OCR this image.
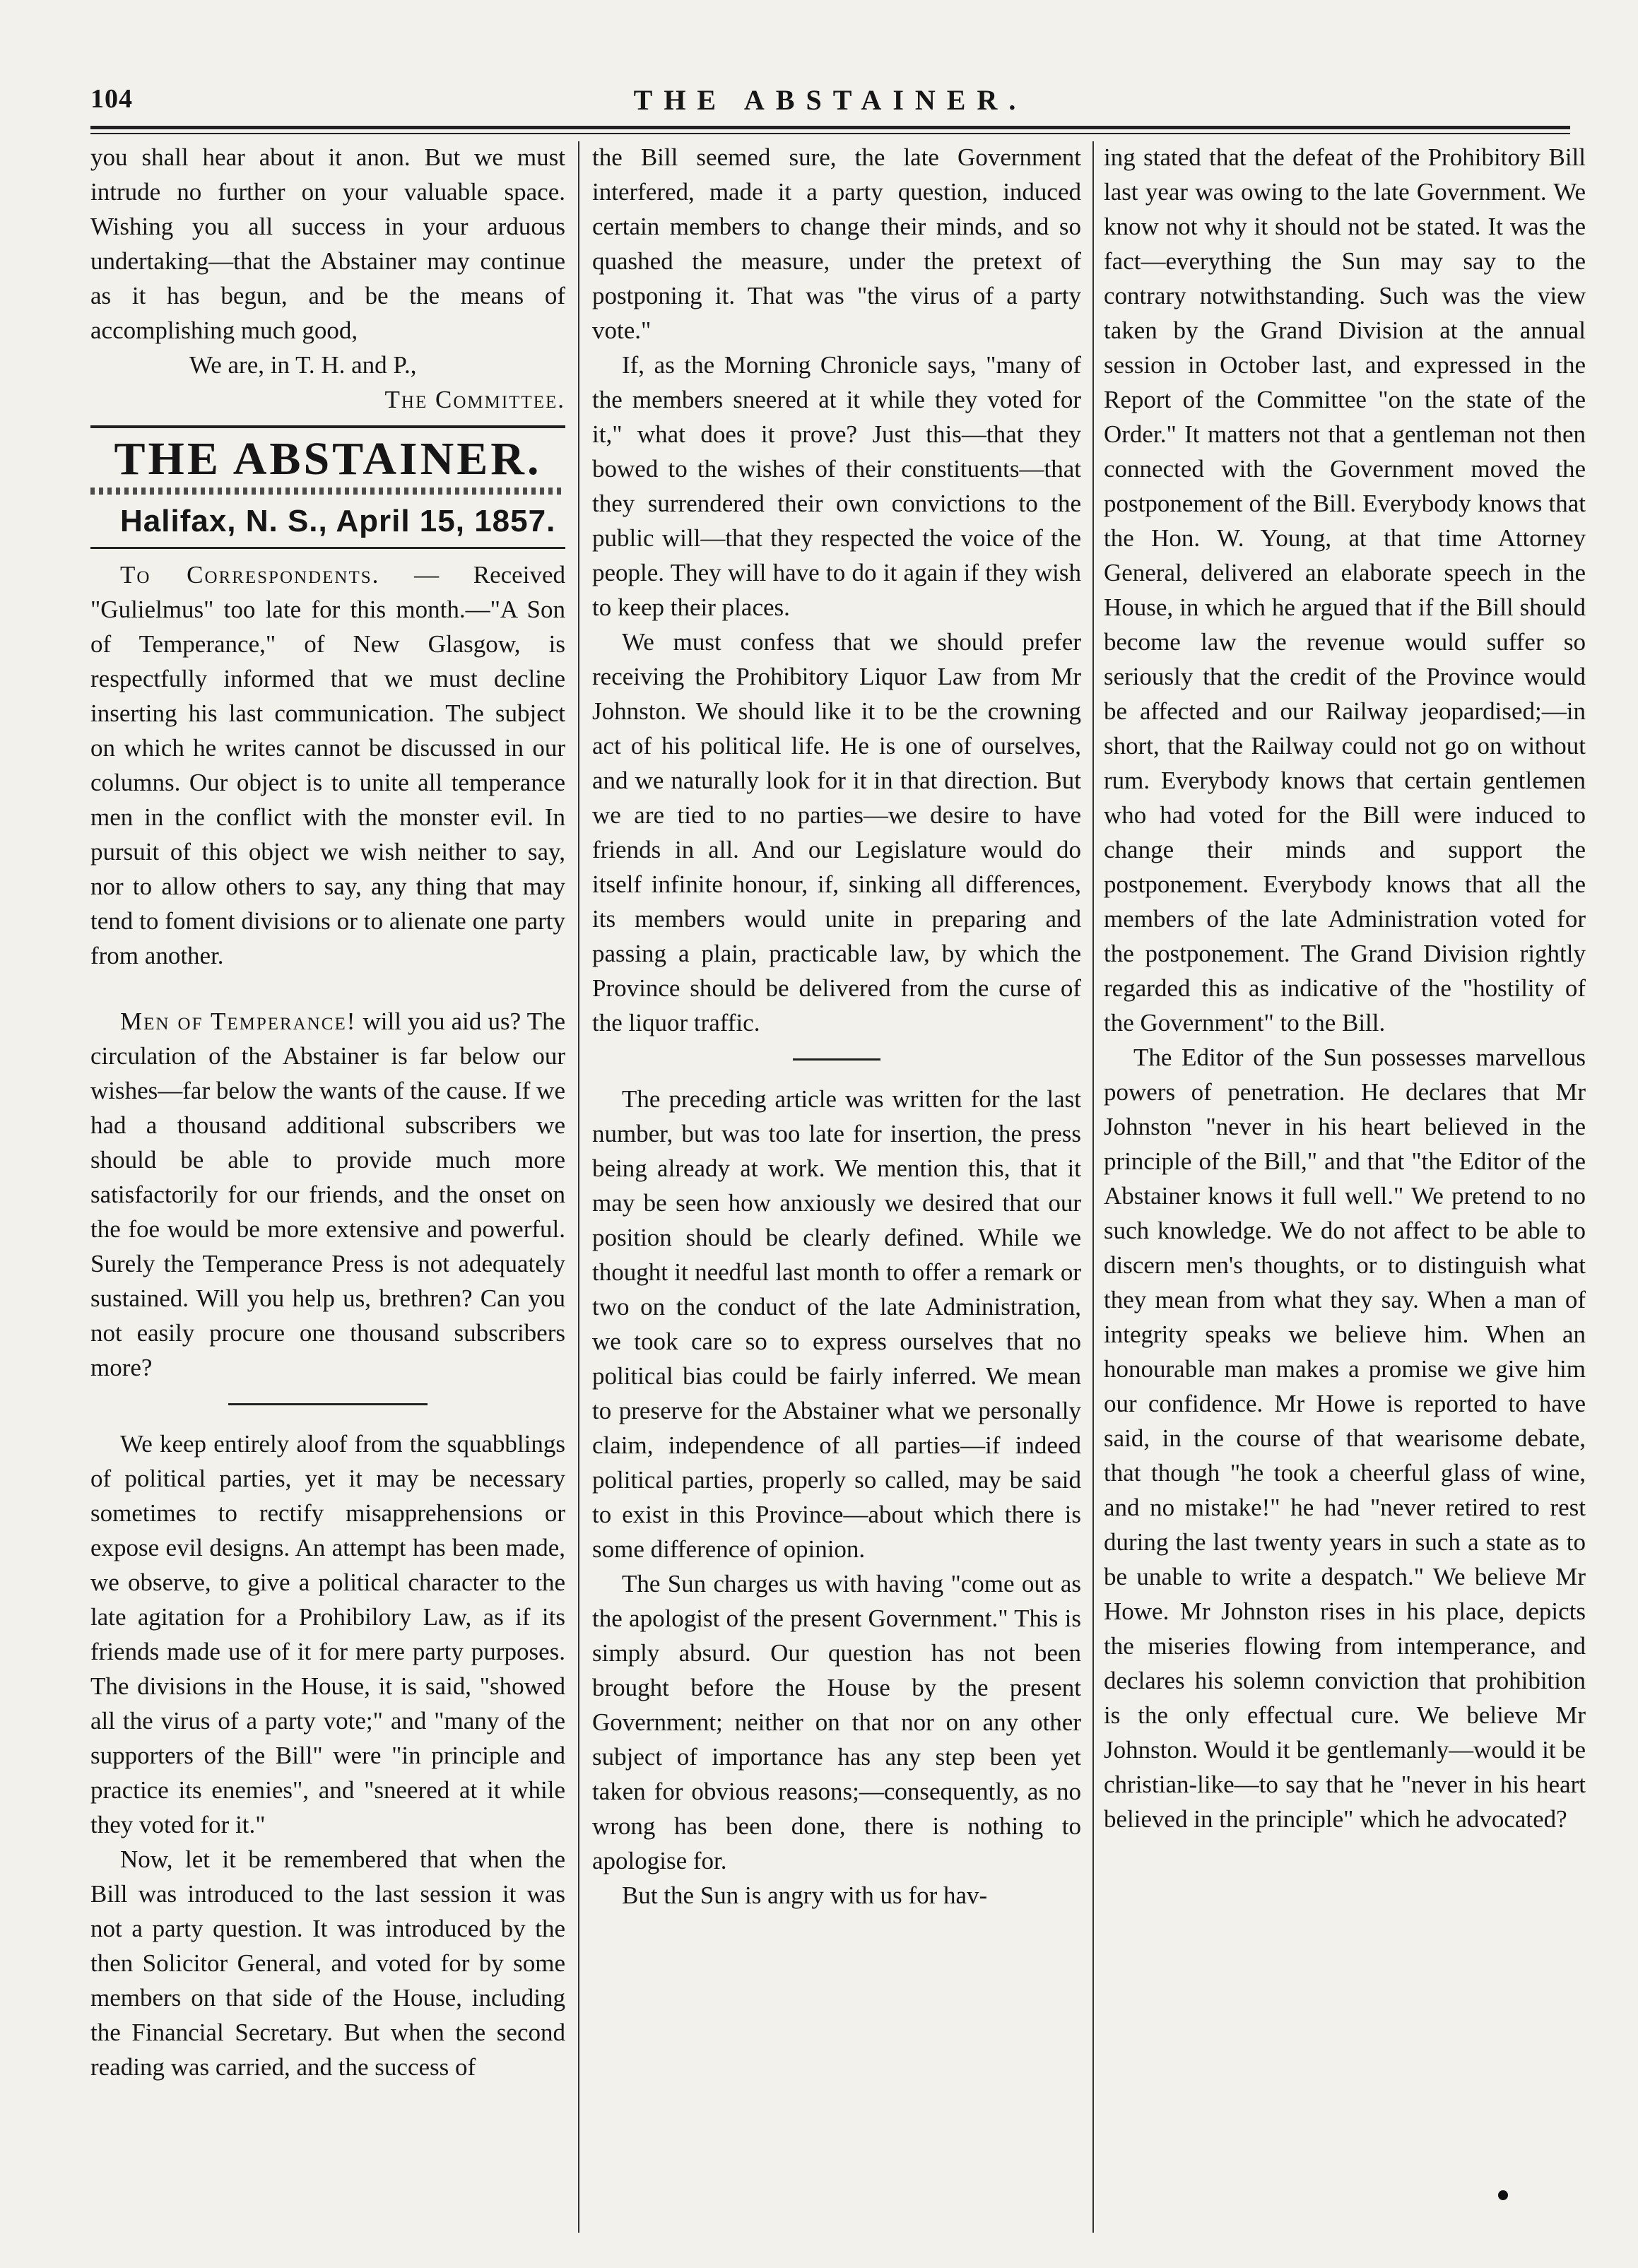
104	THE ABSTAINER.

you shall hear about it anon. But we must intrude no further on your valuable space. Wishing you all success in your arduous undertaking—that the Abstainer may continue as it has begun, and be the means of accomplishing much good,

We are, in T. H. and P.,

The Committee.

THE ABSTAINER.

Halifax, N. S., April 15, 1857.

To Correspondents. — Received "Gulielmus" too late for this month.—"A Son of Temperance," of New Glasgow, is respectfully informed that we must decline inserting his last communication. The subject on which he writes cannot be discussed in our columns. Our object is to unite all temperance men in the conflict with the monster evil. In pursuit of this object we wish neither to say, nor to allow others to say, any thing that may tend to foment divisions or to alienate one party from another.

Men of Temperance! will you aid us? The circulation of the Abstainer is far below our wishes—far below the wants of the cause. If we had a thousand additional subscribers we should be able to provide much more satisfactorily for our friends, and the onset on the foe would be more extensive and powerful. Surely the Temperance Press is not adequately sustained. Will you help us, brethren? Can you not easily procure one thousand subscribers more?

We keep entirely aloof from the squabblings of political parties, yet it may be necessary sometimes to rectify misapprehensions or expose evil designs. An attempt has been made, we observe, to give a political character to the late agitation for a Prohibilory Law, as if its friends made use of it for mere party purposes. The divisions in the House, it is said, "showed all the virus of a party vote;" and "many of the supporters of the Bill" were "in principle and practice its enemies", and "sneered at it while they voted for it."

Now, let it be remembered that when the Bill was introduced to the last session it was not a party question. It was introduced by the then Solicitor General, and voted for by some members on that side of the House, including the Financial Secretary. But when the second reading was carried, and the success of

the Bill seemed sure, the late Government interfered, made it a party question, induced certain members to change their minds, and so quashed the measure, under the pretext of postponing it. That was "the virus of a party vote."

If, as the Morning Chronicle says, "many of the members sneered at it while they voted for it," what does it prove? Just this—that they bowed to the wishes of their constituents—that they surrendered their own convictions to the public will—that they respected the voice of the people. They will have to do it again if they wish to keep their places.

We must confess that we should prefer receiving the Prohibitory Liquor Law from Mr Johnston. We should like it to be the crowning act of his political life. He is one of ourselves, and we naturally look for it in that direction. But we are tied to no parties—we desire to have friends in all. And our Legislature would do itself infinite honour, if, sinking all differences, its members would unite in preparing and passing a plain, practicable law, by which the Province should be delivered from the curse of the liquor traffic.

The preceding article was written for the last number, but was too late for insertion, the press being already at work. We mention this, that it may be seen how anxiously we desired that our position should be clearly defined. While we thought it needful last month to offer a remark or two on the conduct of the late Administration, we took care so to express ourselves that no political bias could be fairly inferred. We mean to preserve for the Abstainer what we personally claim, independence of all parties—if indeed political parties, properly so called, may be said to exist in this Province—about which there is some difference of opinion.

The Sun charges us with having "come out as the apologist of the present Government." This is simply absurd. Our question has not been brought before the House by the present Government; neither on that nor on any other subject of importance has any step been yet taken for obvious reasons;—consequently, as no wrong has been done, there is nothing to apologise for.

But the Sun is angry with us for hav-

ing stated that the defeat of the Prohibitory Bill last year was owing to the late Government. We know not why it should not be stated. It was the fact—everything the Sun may say to the contrary notwithstanding. Such was the view taken by the Grand Division at the annual session in October last, and expressed in the Report of the Committee "on the state of the Order." It matters not that a gentleman not then connected with the Government moved the postponement of the Bill. Everybody knows that the Hon. W. Young, at that time Attorney General, delivered an elaborate speech in the House, in which he argued that if the Bill should become law the revenue would suffer so seriously that the credit of the Province would be affected and our Railway jeopardised;—in short, that the Railway could not go on without rum. Everybody knows that certain gentlemen who had voted for the Bill were induced to change their minds and support the postponement. Everybody knows that all the members of the late Administration voted for the postponement. The Grand Division rightly regarded this as indicative of the "hostility of the Government" to the Bill.

The Editor of the Sun possesses marvellous powers of penetration. He declares that Mr Johnston "never in his heart believed in the principle of the Bill," and that "the Editor of the Abstainer knows it full well." We pretend to no such knowledge. We do not affect to be able to discern men's thoughts, or to distinguish what they mean from what they say. When a man of integrity speaks we believe him. When an honourable man makes a promise we give him our confidence. Mr Howe is reported to have said, in the course of that wearisome debate, that though "he took a cheerful glass of wine, and no mistake!" he had "never retired to rest during the last twenty years in such a state as to be unable to write a despatch." We believe Mr Howe. Mr Johnston rises in his place, depicts the miseries flowing from intemperance, and declares his solemn conviction that prohibition is the only effectual cure. We believe Mr Johnston. Would it be gentlemanly—would it be christian-like—to say that he "never in his heart believed in the principle" which he advocated?
